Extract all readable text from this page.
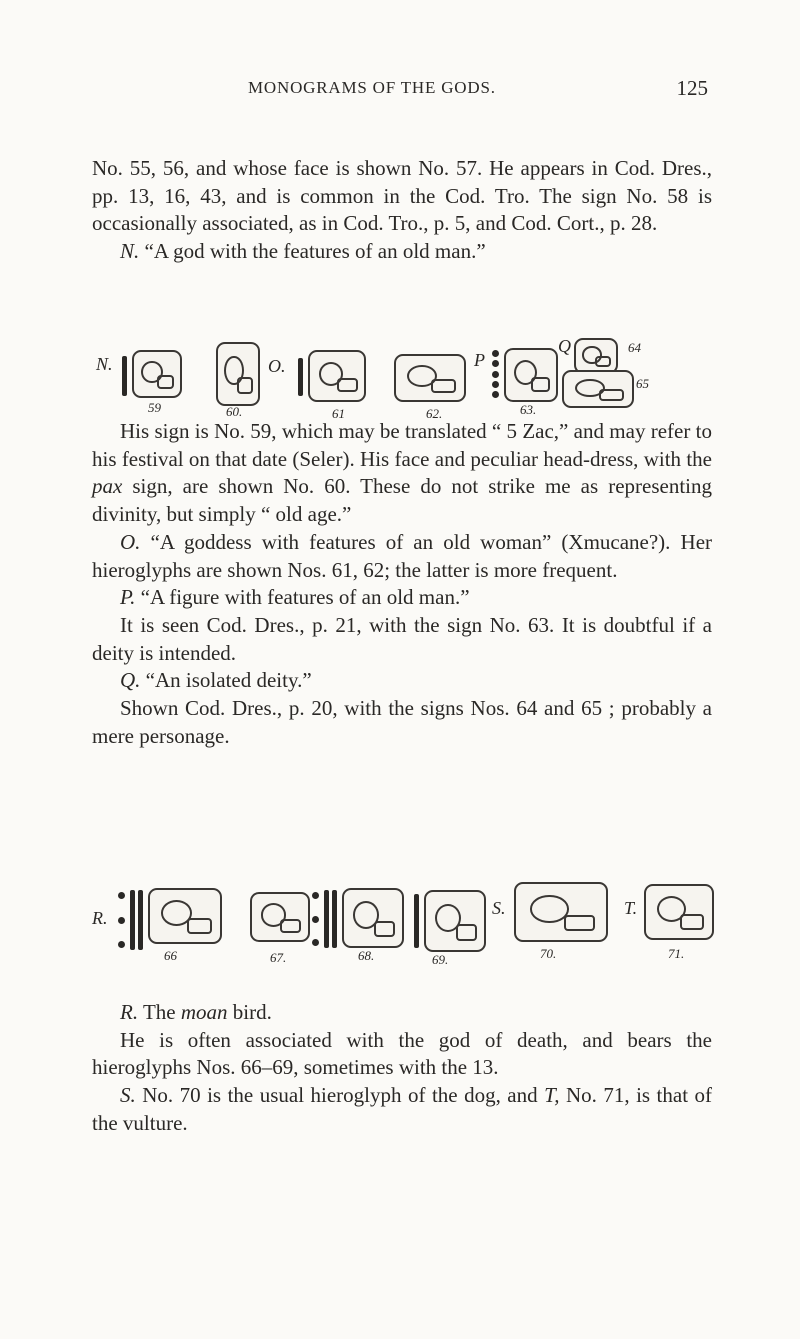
MONOGRAMS OF THE GODS.	125

No. 55, 56, and whose face is shown No. 57. He appears in Cod. Dres., pp. 13, 16, 43, and is common in the Cod. Tro. The sign No. 58 is occasionally associated, as in Cod. Tro., p. 5, and Cod. Cort., p. 28.

N. “A god with the features of an old man.”

N.
59	60.
O.
61	62.
P
63.
Q	64
65

His sign is No. 59, which may be translated “ 5 Zac,” and may refer to his festival on that date (Seler). His face and peculiar head-dress, with the pax sign, are shown No. 60. These do not strike me as representing divinity, but simply “ old age.”

O. “A goddess with features of an old woman” (Xmucane?). Her hieroglyphs are shown Nos. 61, 62; the latter is more frequent.

P. “A figure with features of an old man.”

It is seen Cod. Dres., p. 21, with the sign No. 63. It is doubtful if a deity is intended.

Q. “An isolated deity.”

Shown Cod. Dres., p. 20, with the signs Nos. 64 and 65 ; probably a mere personage.

R.
66	67.	68.	69.
S.
70.
T.
71.

R. The moan bird.

He is often associated with the god of death, and bears the hieroglyphs Nos. 66–69, sometimes with the 13.

S. No. 70 is the usual hieroglyph of the dog, and T, No. 71, is that of the vulture.
